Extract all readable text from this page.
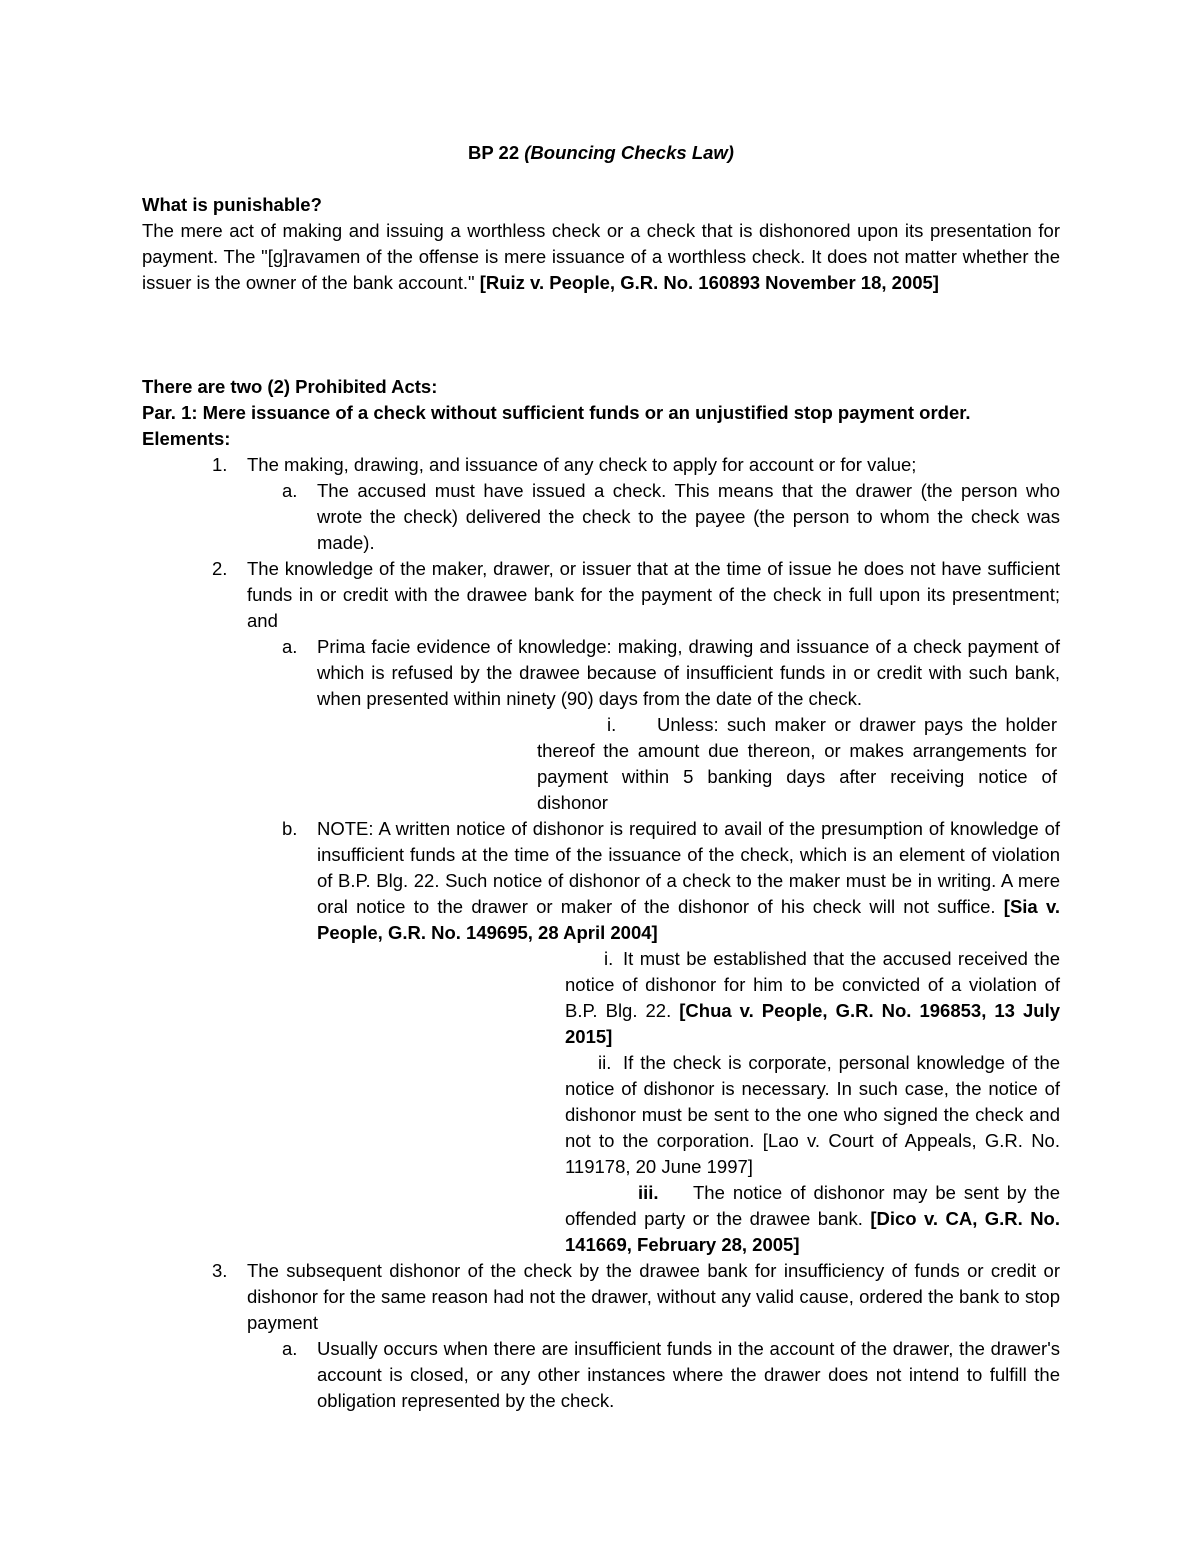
BP 22 (Bouncing Checks Law)

What is punishable?

The mere act of making and issuing a worthless check or a check that is dishonored upon its presentation for payment. The "[g]ravamen of the offense is mere issuance of a worthless check. It does not matter whether the issuer is the owner of the bank account." [Ruiz v. People, G.R. No. 160893 November 18, 2005]

There are two (2) Prohibited Acts:

Par. 1: Mere issuance of a check without sufficient funds or an unjustified stop payment order.

Elements:

1. The making, drawing, and issuance of any check to apply for account or for value;

a. The accused must have issued a check. This means that the drawer (the person who wrote the check) delivered the check to the payee (the person to whom the check was made).

2.	The knowledge of the maker, drawer, or issuer that at the time of issue he does not have sufficient funds in or credit with the drawee bank for the payment of the check in full upon its presentment; and

a. Prima facie evidence of knowledge: making, drawing and issuance of a check payment of which is refused by the drawee because of insufficient funds in or credit with such bank, when presented within ninety (90) days from the date of the check.

i.	Unless: such maker or drawer pays the holder thereof the amount due thereon, or makes arrangements for payment within 5 banking days after receiving notice of dishonor

b. NOTE: A written notice of dishonor is required to avail of the presumption of knowledge of insufficient funds at the time of the issuance of the check, which is an element of violation of B.P. Blg. 22. Such notice of dishonor of a check to the maker must be in writing. A mere oral notice to the drawer or maker of the dishonor of his check will not suffice. [Sia v. People, G.R. No. 149695, 28 April 2004]

i. It must be established that the accused received the notice of dishonor for him to be convicted of a violation of B.P. Blg. 22. [Chua v. People, G.R. No. 196853, 13 July 2015]

ii. If the check is corporate, personal knowledge of the notice of dishonor is necessary. In such case, the notice of dishonor must be sent to the one who signed the check and not to the corporation. [Lao v. Court of Appeals, G.R. No. 119178, 20 June 1997]

iii.	The notice of dishonor may be sent by the offended party or the drawee bank. [Dico v. CA, G.R. No. 141669, February 28, 2005]

3.	The subsequent dishonor of the check by the drawee bank for insufficiency of funds or credit or dishonor for the same reason had not the drawer, without any valid cause, ordered the bank to stop payment

a. Usually occurs when there are insufficient funds in the account of the drawer, the drawer's account is closed, or any other instances where the drawer does not intend to fulfill the obligation represented by the check.
